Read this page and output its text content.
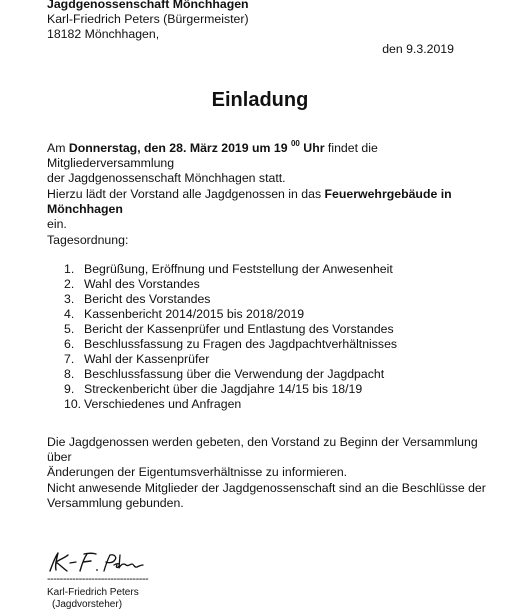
Jagdgenossenschaft Mönchhagen
Karl-Friedrich Peters (Bürgermeister)
18182 Mönchhagen,
den 9.3.2019
Einladung
Am Donnerstag, den 28. März 2019 um 19 $^{00}$ Uhr findet die Mitgliederversammlung
der Jagdgenossenschaft Mönchhagen statt.
Hierzu lädt der Vorstand alle Jagdgenossen in das Feuerwehrgebäude in Mönchhagen
ein.
Tagesordnung:
1. Begrüßung, Eröffnung und Feststellung der Anwesenheit
2. Wahl des Vorstandes
3. Bericht des Vorstandes
4. Kassenbericht 2014/2015 bis 2018/2019
5. Bericht der Kassenprüfer und Entlastung des Vorstandes
6. Beschlussfassung zu Fragen des Jagdpachtverhältnisses
7. Wahl der Kassenprüfer
8. Beschlussfassung über die Verwendung der Jagdpacht
9. Streckenbericht über die Jagdjahre 14/15 bis 18/19
10. Verschiedenes und Anfragen
Die Jagdgenossen werden gebeten, den Vorstand zu Beginn der Versammlung über
Änderungen der Eigentumsverhältnisse zu informieren.
Nicht anwesende Mitglieder der Jagdgenossenschaft sind an die Beschlüsse der
Versammlung gebunden.
--------------------------------
Karl-Friedrich Peters
(Jagdvorsteher)
